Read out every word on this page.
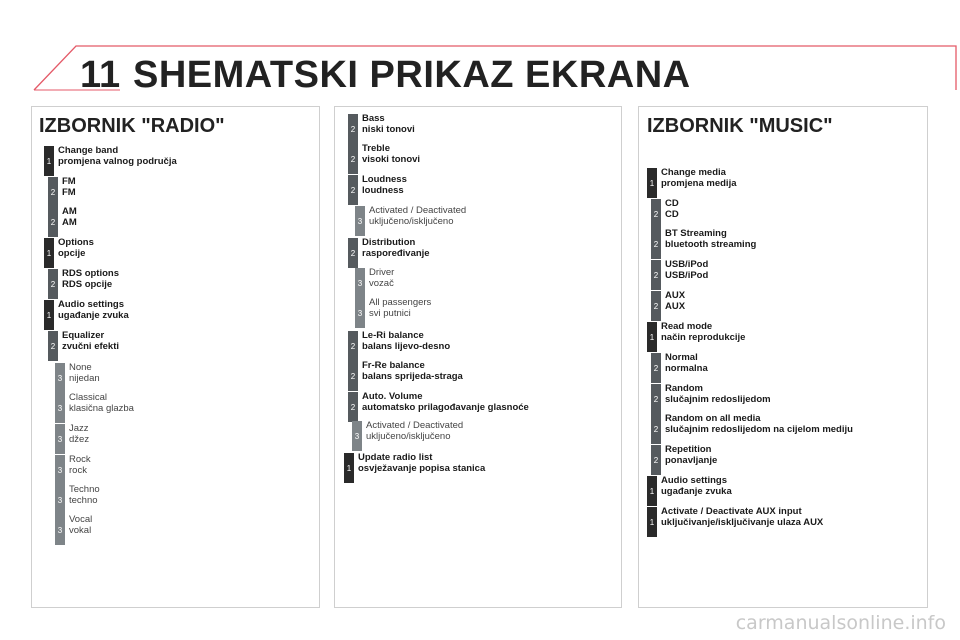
11 SHEMATSKI PRIKAZ EKRANA
IZBORNIK "RADIO"	IZBORNIK "MUSIC"
1
Change band
promjena valnog područja
2
FM
FM
2
AM
AM
1
Options
opcije
2
RDS options
RDS opcije
1
Audio settings
ugađanje zvuka
2
Equalizer
zvučni efekti
3
None
nijedan
3
Classical
klasična glazba
3
Jazz
džez
3
Rock
rock
3
Techno
techno
3
Vocal
vokal
2
Bass
niski tonovi
2
Treble
visoki tonovi
2
Loudness
loudness
3
Activated / Deactivated
uključeno/isključeno
2
Distribution
raspoređivanje
3
Driver
vozač
3
All passengers
svi putnici
2
Le-Ri balance
balans lijevo-desno
2
Fr-Re balance
balans sprijeda-straga
2
Auto. Volume
automatsko prilagođavanje glasnoće
3
Activated / Deactivated
uključeno/isključeno
1
Update radio list
osvježavanje popisa stanica
1
Change media
promjena medija
2
CD
CD
2
BT Streaming
bluetooth streaming
2
USB/iPod
USB/iPod
2
AUX
AUX
1
Read mode
način reprodukcije
2
Normal
normalna
2
Random
slučajnim redoslijedom
2
Random on all media
slučajnim redoslijedom na cijelom mediju
2
Repetition
ponavljanje
1
Audio settings
ugađanje zvuka
1
Activate / Deactivate AUX input
uključivanje/isključivanje ulaza AUX
carmanualsonline.info
